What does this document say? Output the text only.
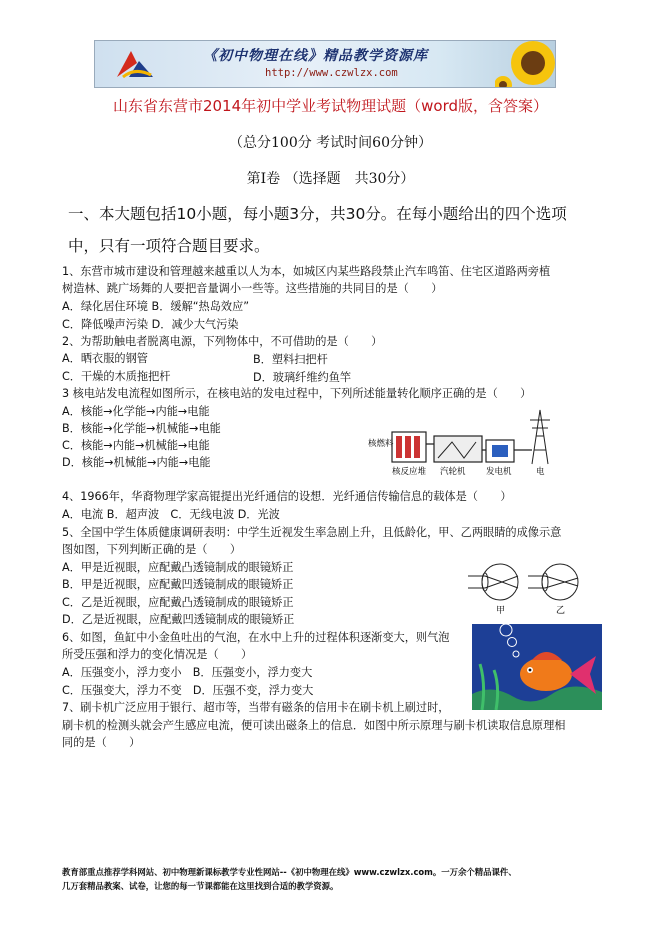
《初中物理在线》精品教学资源库
http://www.czwlzx.com
山东省东营市2014年初中学业考试物理试题（word版，含答案）
（总分100分 考试时间60分钟）
第Ⅰ卷 （选择题　共30分）
一、本大题包括10小题，每小题3分，共30分。在每小题给出的四个选项
中，只有一项符合题目要求。
1、东营市城市建设和管理越来越重以人为本，如城区内某些路段禁止汽车鸣笛、住宅区道路两旁植
树造林、跳广场舞的人要把音量调小一些等。这些措施的共同目的是（　　）
A．绿化居住环境 B．缓解“热岛效应”
C．降低噪声污染 D．减少大气污染
2、为帮助触电者脱离电源，下列物体中，不可借助的是（　　）
A．晒衣服的钢管	B．塑料扫把杆
C．干燥的木质拖把杆	D．玻璃纤维约鱼竿
3 核电站发电流程如图所示，在核电站的发电过程中，下列所述能量转化顺序正确的是（　　）
A．核能→化学能→内能→电能
B．核能→化学能→机械能→电能
C．核能→内能→机械能→电能
D．核能→机械能→内能→电能
核燃料
核反应堆 汽轮机 发电机	电
4、1966年，华裔物理学家高锟提出光纤通信的设想．光纤通信传输信息的载体是（　　）
A．电流 B．超声波　C．无线电波 D．光波
5、全国中学生体质健康调研表明：中学生近视发生率急剧上升，且低龄化，甲、乙两眼睛的成像示意
图如图，下列判断正确的是（　　）
A．甲是近视眼，应配戴凸透镜制成的眼镜矫正
B．甲是近视眼，应配戴凹透镜制成的眼镜矫正
C．乙是近视眼，应配戴凸透镜制成的眼镜矫正
D．乙是近视眼，应配戴凹透镜制成的眼镜矫正
甲	乙
6、如图，鱼缸中小金鱼吐出的气泡，在水中上升的过程体积逐渐变大，则气泡
所受压强和浮力的变化情况是（　　）
A．压强变小，浮力变小　B．压强变小，浮力变大
C．压强变大，浮力不变　D．压强不变，浮力变大
7、刷卡机广泛应用于银行、超市等，当带有磁条的信用卡在刷卡机上刷过时，
刷卡机的检测头就会产生感应电流，便可读出磁条上的信息．如图中所示原理与刷卡机读取信息原理相
同的是（　　）
教育部重点推荐学科网站、初中物理新课标教学专业性网站--《初中物理在线》www.czwlzx.com。一万余个精品课件、
几万套精品教案、试卷，让您的每一节课都能在这里找到合适的教学资源。
